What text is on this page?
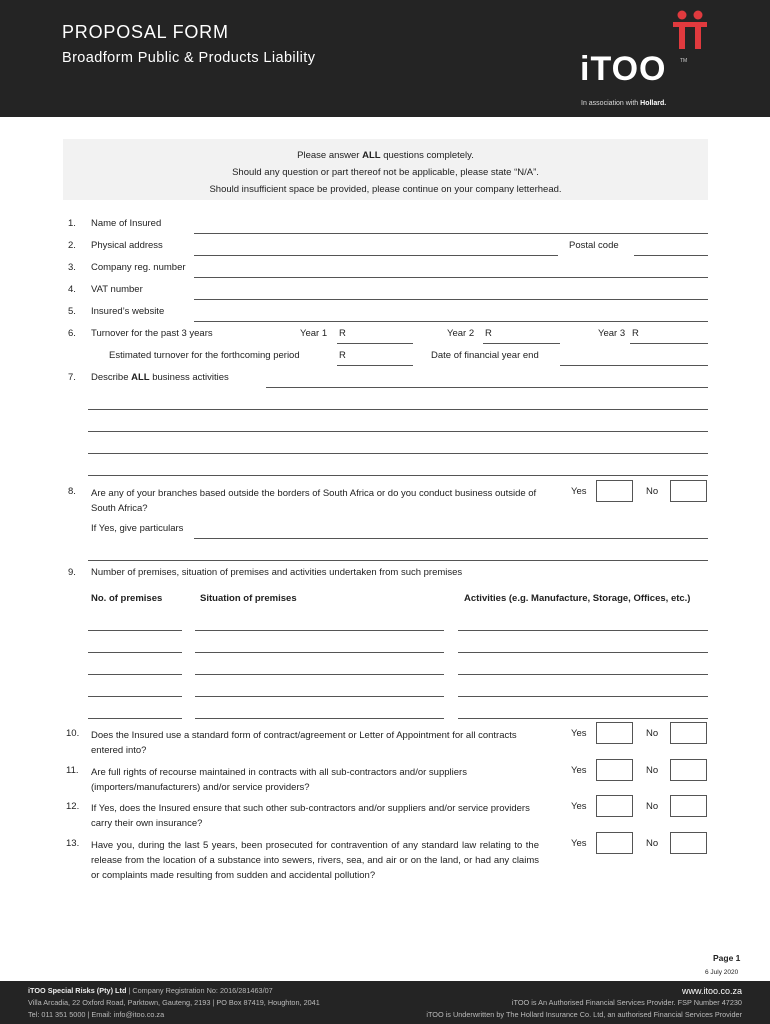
PROPOSAL FORM
Broadform Public & Products Liability	iTOO	TM
In association with Hollard.
Please answer ALL questions completely.
Should any question or part thereof not be applicable, please state “N/A”.
Should insufficient space be provided, please continue on your company letterhead.
1. Name of Insured
2. Physical address	Postal code
3. Company reg. number
4. VAT number
5. Insured’s website
6. Turnover for the past 3 years	Year 1 R	Year 2 R	Year 3 R
Estimated turnover for the forthcoming period	R	Date of financial year end
7. Describe ALL business activities
8. Are any of your branches based outside the borders of South Africa or do you conduct business outside of South Africa?
Yes	No
If Yes, give particulars
9. Number of premises, situation of premises and activities undertaken from such premises
No. of premises	Situation of premises	Activities (e.g. Manufacture, Storage, Offices, etc.)
10. Does the Insured use a standard form of contract/agreement or Letter of Appointment for all contracts entered into?
Yes	No
11. Are full rights of recourse maintained in contracts with all sub-contractors and/or suppliers (importers/manufacturers) and/or service providers?
Yes	No
12. If Yes, does the Insured ensure that such other sub-contractors and/or suppliers and/or service providers carry their own insurance?
Yes	No
13. Have you, during the last 5 years, been prosecuted for contravention of any standard law relating to the release from the location of a substance into sewers, rivers, sea, and air or on the land, or had any claims or complaints made resulting from sudden and accidental pollution?
Yes	No
Page 1
6 July 2020
iTOO Special Risks (Pty) Ltd | Company Registration No: 2016/281463/07
Villa Arcadia, 22 Oxford Road, Parktown, Gauteng, 2193 | PO Box 87419, Houghton, 2041
Tel: 011 351 5000 | Email: info@itoo.co.za
www.itoo.co.za
iTOO is An Authorised Financial Services Provider. FSP Number 47230
iTOO is Underwritten by The Hollard Insurance Co. Ltd, an authorised Financial Services Provider
